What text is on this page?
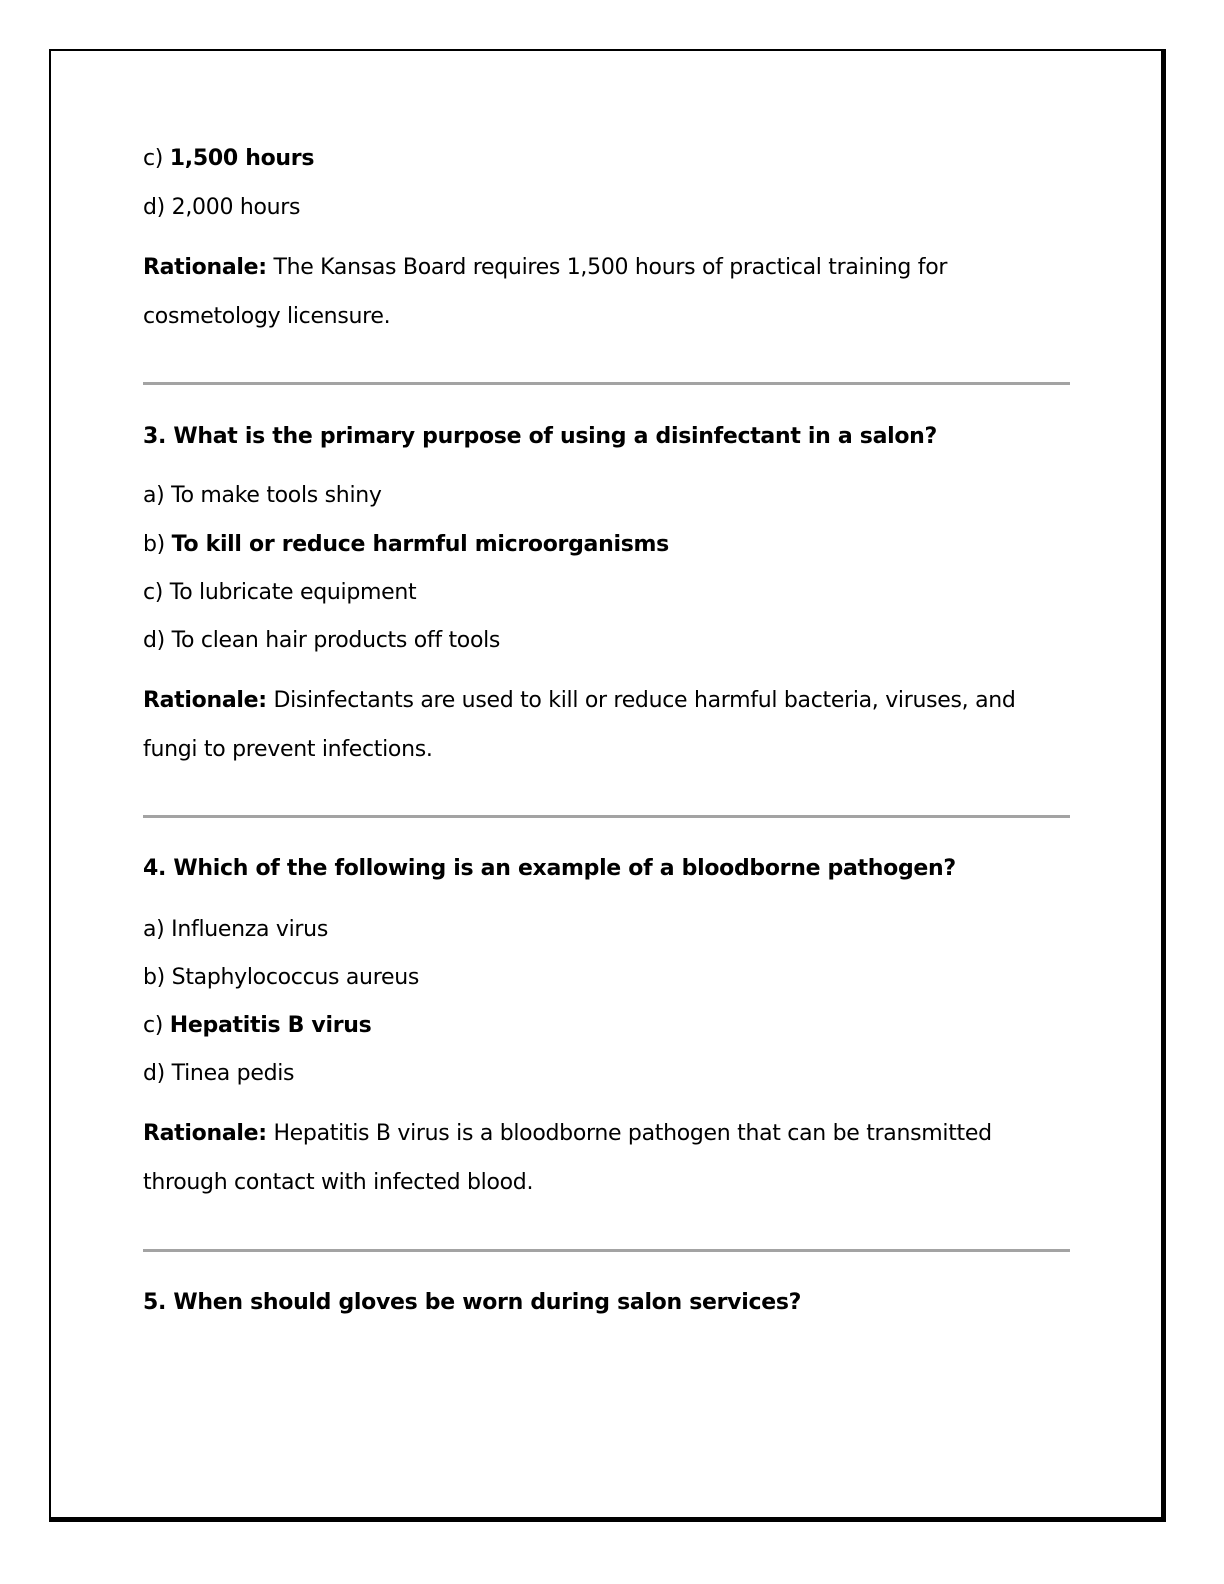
c) 1,500 hours
d) 2,000 hours
Rationale: The Kansas Board requires 1,500 hours of practical training for
cosmetology licensure.
3. What is the primary purpose of using a disinfectant in a salon?
a) To make tools shiny
b) To kill or reduce harmful microorganisms
c) To lubricate equipment
d) To clean hair products off tools
Rationale: Disinfectants are used to kill or reduce harmful bacteria, viruses, and
fungi to prevent infections.
4. Which of the following is an example of a bloodborne pathogen?
a) Influenza virus
b) Staphylococcus aureus
c) Hepatitis B virus
d) Tinea pedis
Rationale: Hepatitis B virus is a bloodborne pathogen that can be transmitted
through contact with infected blood.
5. When should gloves be worn during salon services?
